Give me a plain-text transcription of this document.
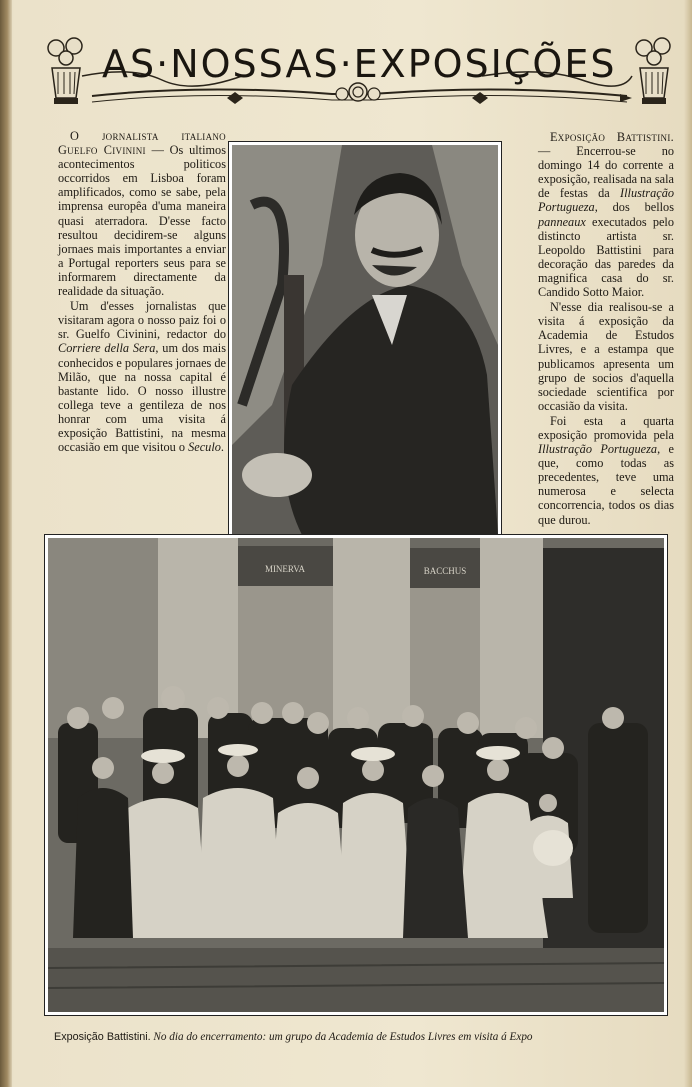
AS·NOSSAS·EXPOSIÇÕES

O jornalista italiano Guelfo Civinini — Os ultimos acontecimentos politicos occorridos em Lisboa foram amplificados, como se sabe, pela imprensa europêa d'uma maneira quasi aterradora. D'esse facto resultou decidirem-se alguns jornaes mais importantes a enviar a Portugal reporters seus para se informarem directamente da realidade da situação.

Um d'esses jornalistas que visitaram agora o nosso paiz foi o sr. Guelfo Civinini, redactor do Corriere della Sera, um dos mais conhecidos e populares jornaes de Milão, que na nossa capital é bastante lido. O nosso illustre collega teve a gentileza de nos honrar com uma visita á exposição Battistini, na mesma occasião em que visitou o Seculo.

Exposição Battistini. — Encerrou-se no domingo 14 do corrente a exposição, realisada na sala de festas da Illustração Portugueza, dos bellos panneaux executados pelo distincto artista sr. Leopoldo Battistini para decoração das paredes da magnifica casa do sr. Candido Sotto Maior.

N'esse dia realisou-se a visita á exposição da Academia de Estudos Livres, e a estampa que publicamos apresenta um grupo de socios d'aquella sociedade scientifica por occasião da visita.

Foi esta a quarta exposição promovida pela Illustração Portugueza, e que, como todas as precedentes, teve uma numerosa e selecta concorrencia, todos os dias que durou.

MINERVA	BACCHUS
Exposição Battistini. No dia do encerramento: um grupo da Academia de Estudos Livres em visita á Expo
